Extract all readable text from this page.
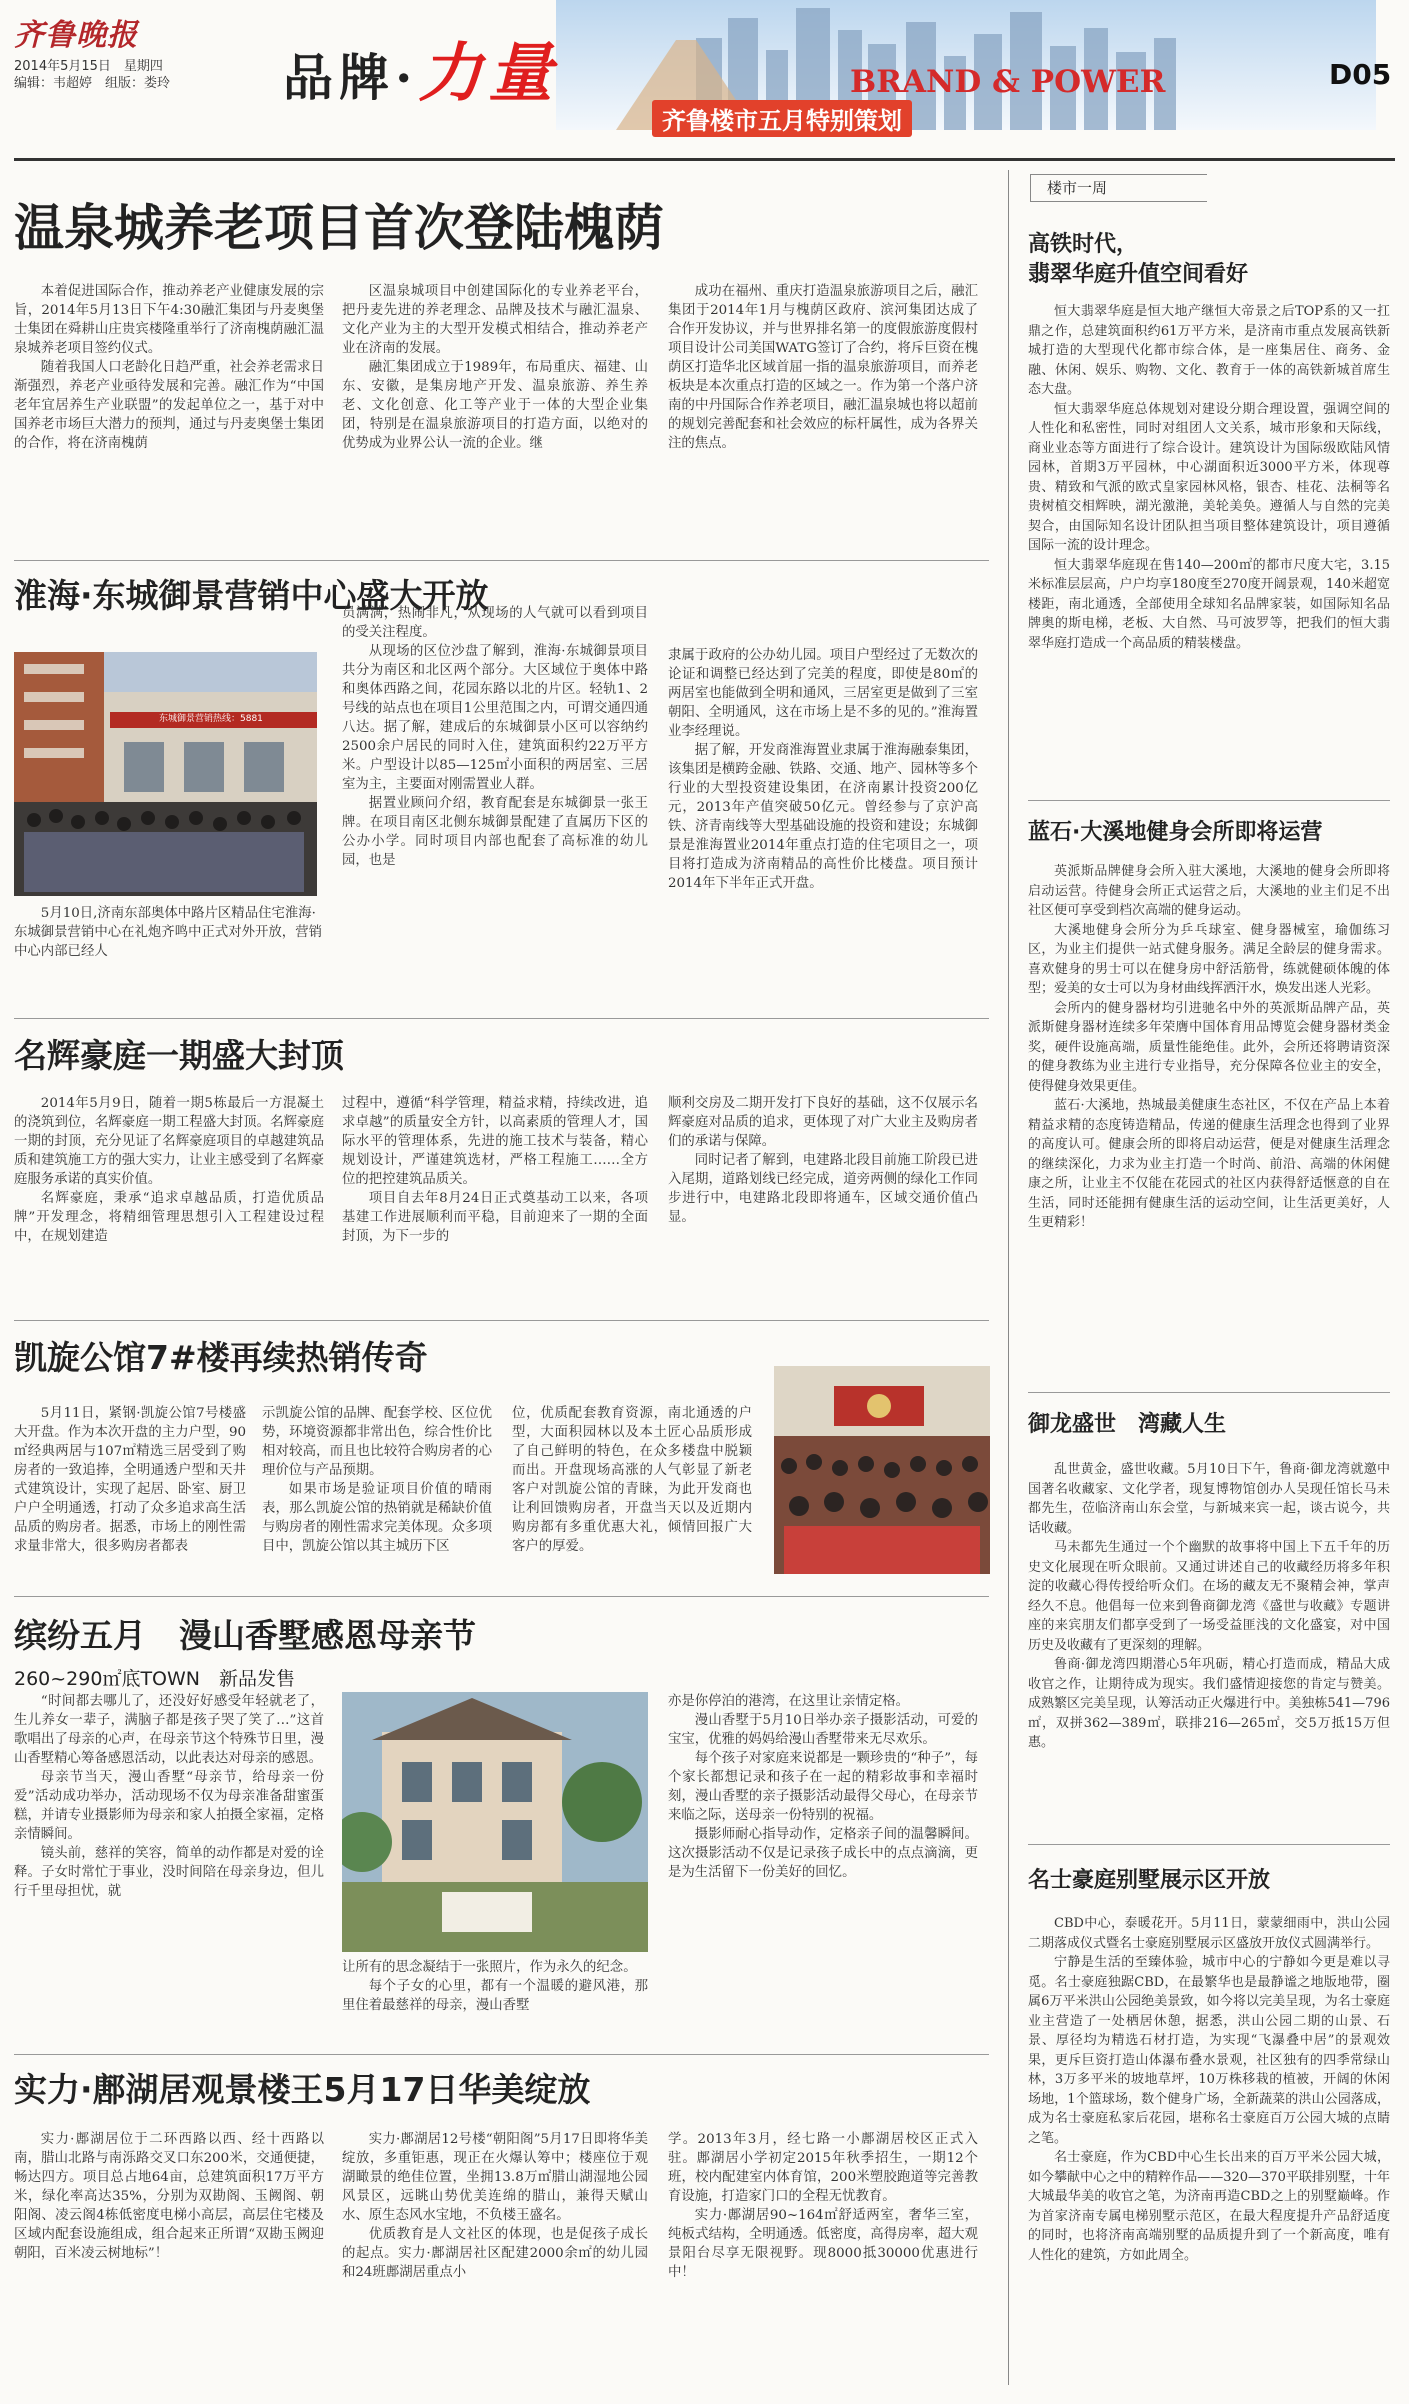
齐鲁晚报
2014年5月15日　星期四
编辑：韦超婷　组版：娄玲 品牌·力量	BRAND & POWER
齐鲁楼市五月特别策划
D05
温泉城养老项目首次登陆槐荫

本着促进国际合作，推动养老产业健康发展的宗旨，2014年5月13日下午4:30融汇集团与丹麦奥堡士集团在舜耕山庄贵宾楼隆重举行了济南槐荫融汇温泉城养老项目签约仪式。

随着我国人口老龄化日趋严重，社会养老需求日渐强烈，养老产业亟待发展和完善。融汇作为“中国老年宜居养生产业联盟”的发起单位之一，基于对中国养老市场巨大潜力的预判，通过与丹麦奥堡士集团的合作，将在济南槐荫

区温泉城项目中创建国际化的专业养老平台，把丹麦先进的养老理念、品牌及技术与融汇温泉、文化产业为主的大型开发模式相结合，推动养老产业在济南的发展。

融汇集团成立于1989年，布局重庆、福建、山东、安徽，是集房地产开发、温泉旅游、养生养老、文化创意、化工等产业于一体的大型企业集团，特别是在温泉旅游项目的打造方面，以绝对的优势成为业界公认一流的企业。继

成功在福州、重庆打造温泉旅游项目之后，融汇集团于2014年1月与槐荫区政府、滨河集团达成了合作开发协议，并与世界排名第一的度假旅游度假村项目设计公司美国WATG签订了合约，将斥巨资在槐荫区打造华北区域首屈一指的温泉旅游项目，而养老板块是本次重点打造的区域之一。作为第一个落户济南的中丹国际合作养老项目，融汇温泉城也将以超前的规划完善配套和社会效应的标杆属性，成为各界关注的焦点。

淮海·东城御景营销中心盛大开放
东城御景营销热线：5881
5月10日,济南东部奥体中路片区精品住宅淮海·东城御景营销中心在礼炮齐鸣中正式对外开放，营销中心内部已经人

员满满，热闹非凡，从现场的人气就可以看到项目的受关注程度。

从现场的区位沙盘了解到，淮海·东城御景项目共分为南区和北区两个部分。大区域位于奥体中路和奥体西路之间，花园东路以北的片区。轻轨1、2号线的站点也在项目1公里范围之内，可谓交通四通八达。据了解，建成后的东城御景小区可以容纳约2500余户居民的同时入住，建筑面积约22万平方米。户型设计以85—125㎡小面积的两居室、三居室为主，主要面对刚需置业人群。

据置业顾问介绍，教育配套是东城御景一张王牌。在项目南区北侧东城御景配建了直属历下区的公办小学。同时项目内部也配套了高标准的幼儿园，也是

隶属于政府的公办幼儿园。项目户型经过了无数次的论证和调整已经达到了完美的程度，即使是80㎡的两居室也能做到全明和通风，三居室更是做到了三室朝阳、全明通风，这在市场上是不多的见的。”淮海置业李经理说。

据了解，开发商淮海置业隶属于淮海融泰集团，该集团是横跨金融、铁路、交通、地产、园林等多个行业的大型投资建设集团，在济南累计投资200亿元，2013年产值突破50亿元。曾经参与了京沪高铁、济青南线等大型基础设施的投资和建设；东城御景是淮海置业2014年重点打造的住宅项目之一，项目将打造成为济南精品的高性价比楼盘。项目预计2014年下半年正式开盘。

名辉豪庭一期盛大封顶

2014年5月9日，随着一期5栋最后一方混凝土的浇筑到位，名辉豪庭一期工程盛大封顶。名辉豪庭一期的封顶，充分见证了名辉豪庭项目的卓越建筑品质和建筑施工方的强大实力，让业主感受到了名辉豪庭服务承诺的真实价值。

名辉豪庭，秉承“追求卓越品质，打造优质品牌”开发理念，将精细管理思想引入工程建设过程中，在规划建造

过程中，遵循“科学管理，精益求精，持续改进，追求卓越”的质量安全方针，以高素质的管理人才，国际水平的管理体系，先进的施工技术与装备，精心规划设计，严谨建筑选材，严格工程施工……全方位的把控建筑品质关。

项目自去年8月24日正式奠基动工以来，各项基建工作进展顺利而平稳，目前迎来了一期的全面封顶，为下一步的

顺利交房及二期开发打下良好的基础，这不仅展示名辉豪庭对品质的追求，更体现了对广大业主及购房者们的承诺与保障。

同时记者了解到，电建路北段目前施工阶段已进入尾期，道路划线已经完成，道旁两侧的绿化工作同步进行中，电建路北段即将通车，区域交通价值凸显。

凯旋公馆7#楼再续热销传奇

5月11日，紧钢·凯旋公馆7号楼盛大开盘。作为本次开盘的主力户型，90㎡经典两居与107㎡精选三居受到了购房者的一致追捧，全明通透户型和天井式建筑设计，实现了起居、卧室、厨卫户户全明通透，打动了众多追求高生活品质的购房者。据悉，市场上的刚性需求量非常大，很多购房者都表

示凯旋公馆的品牌、配套学校、区位优势，环境资源都非常出色，综合性价比相对较高，而且也比较符合购房者的心理价位与产品预期。

如果市场是验证项目价值的晴雨表，那么凯旋公馆的热销就是稀缺价值与购房者的刚性需求完美体现。众多项目中，凯旋公馆以其主城历下区

位，优质配套教育资源，南北通透的户型，大面积园林以及本土匠心品质形成了自己鲜明的特色，在众多楼盘中脱颖而出。开盘现场高涨的人气彰显了新老客户对凯旋公馆的青睐，为此开发商也让利回馈购房者，开盘当天以及近期内购房都有多重优惠大礼，倾情回报广大客户的厚爱。

缤纷五月　漫山香墅感恩母亲节
260~290㎡底TOWN　新品发售

“时间都去哪儿了，还没好好感受年轻就老了，生儿养女一辈子，满脑子都是孩子哭了笑了…”这首歌唱出了母亲的心声，在母亲节这个特殊节日里，漫山香墅精心筹备感恩活动，以此表达对母亲的感恩。

母亲节当天，漫山香墅“母亲节，给母亲一份爱”活动成功举办，活动现场不仅为母亲准备甜蜜蛋糕，并请专业摄影师为母亲和家人拍摄全家福，定格亲情瞬间。

镜头前，慈祥的笑容，简单的动作都是对爱的诠释。子女时常忙于事业，没时间陪在母亲身边，但儿行千里母担忧，就

让所有的思念凝结于一张照片，作为永久的纪念。

每个子女的心里，都有一个温暖的避风港，那里住着最慈祥的母亲，漫山香墅

亦是你停泊的港湾，在这里让亲情定格。

漫山香墅于5月10日举办亲子摄影活动，可爱的宝宝，优雅的妈妈给漫山香墅带来无尽欢乐。

每个孩子对家庭来说都是一颗珍贵的“种子”，每个家长都想记录和孩子在一起的精彩故事和幸福时刻，漫山香墅的亲子摄影活动最得父母心，在母亲节来临之际，送母亲一份特别的祝福。

摄影师耐心指导动作，定格亲子间的温馨瞬间。这次摄影活动不仅是记录孩子成长中的点点滴滴，更是为生活留下一份美好的回忆。

实力·鄌湖居观景楼王5月17日华美绽放

实力·鄌湖居位于二环西路以西、经十西路以南，腊山北路与南泺路交叉口东200米，交通便捷，畅达四方。项目总占地64亩，总建筑面积17万平方米，绿化率高达35%，分别为双勘阁、玉阙阁、朝阳阁、凌云阁4栋低密度电梯小高层，高层住宅楼及区域内配套设施组成，组合起来正所谓“双勘玉阙迎朝阳，百米凌云树地标”！

实力·鄌湖居12号楼“朝阳阁”5月17日即将华美绽放，多重钜惠，现正在火爆认筹中；楼座位于观湖瞰景的绝佳位置，坐拥13.8万㎡腊山湖湿地公园风景区，远眺山势优美连绵的腊山，兼得天赋山水、原生态风水宝地，不负楼王盛名。

优质教育是人文社区的体现，也是促孩子成长的起点。实力·鄌湖居社区配建2000余㎡的幼儿园和24班鄌湖居重点小

学。2013年3月，经七路一小鄌湖居校区正式入驻。鄌湖居小学初定2015年秋季招生，一期12个班，校内配建室内体育馆，200米塑胶跑道等完善教育设施，打造家门口的全程无忧教育。

实力·鄌湖居90~164㎡舒适两室，奢华三室，纯板式结构，全明通透。低密度，高得房率，超大观景阳台尽享无限视野。现8000抵30000优惠进行中！

楼市一周
高铁时代，
翡翠华庭升值空间看好

恒大翡翠华庭是恒大地产继恒大帝景之后TOP系的又一扛鼎之作，总建筑面积约61万平方米，是济南市重点发展高铁新城打造的大型现代化都市综合体，是一座集居住、商务、金融、休闲、娱乐、购物、文化、教育于一体的高铁新城首席生态大盘。

恒大翡翠华庭总体规划对建设分期合理设置，强调空间的人性化和私密性，同时对组团人文关系，城市形象和天际线，商业业态等方面进行了综合设计。建筑设计为国际级欧陆风情园林，首期3万平园林，中心湖面积近3000平方米，体现尊贵、精致和气派的欧式皇家园林风格，银杏、桂花、法桐等名贵树植交相辉映，湖光激滟，美轮美奂。遵循人与自然的完美契合，由国际知名设计团队担当项目整体建筑设计，项目遵循国际一流的设计理念。

恒大翡翠华庭现在售140—200㎡的都市尺度大宅，3.15米标准层层高，户户均享180度至270度开阔景观，140米超宽楼距，南北通透，全部使用全球知名品牌家装，如国际知名品牌奥的斯电梯，老板、大自然、马可波罗等，把我们的恒大翡翠华庭打造成一个高品质的精装楼盘。

蓝石·大溪地健身会所即将运营

英派斯品牌健身会所入驻大溪地，大溪地的健身会所即将启动运营。待健身会所正式运营之后，大溪地的业主们足不出社区便可享受到档次高端的健身运动。

大溪地健身会所分为乒乓球室、健身器械室，瑜伽练习区，为业主们提供一站式健身服务。满足全龄层的健身需求。喜欢健身的男士可以在健身房中舒活筋骨，练就健硕体魄的体型；爱美的女士可以为身材曲线挥洒汗水，焕发出迷人光彩。

会所内的健身器材均引进驰名中外的英派斯品牌产品，英派斯健身器材连续多年荣膺中国体育用品博览会健身器材类金奖，硬件设施高端，质量性能绝佳。此外，会所还将聘请资深的健身教练为业主进行专业指导，充分保障各位业主的安全，使得健身效果更佳。

蓝石·大溪地，热城最美健康生态社区，不仅在产品上本着精益求精的态度铸造精品，传递的健康生活理念也得到了业界的高度认可。健康会所的即将启动运营，便是对健康生活理念的继续深化，力求为业主打造一个时尚、前沿、高端的休闲健康之所，让业主不仅能在花园式的社区内获得舒适惬意的自在生活，同时还能拥有健康生活的运动空间，让生活更美好，人生更精彩！

御龙盛世　湾藏人生

乱世黄金，盛世收藏。5月10日下午，鲁商·御龙湾就邀中国著名收藏家、文化学者，现复博物馆创办人吴现任馆长马未都先生，莅临济南山东会堂，与新城来宾一起，谈古说今，共话收藏。

马未都先生通过一个个幽默的故事将中国上下五千年的历史文化展现在听众眼前。又通过讲述自己的收藏经历将多年积淀的收藏心得传授给听众们。在场的藏友无不聚精会神，掌声经久不息。他倡每一位来到鲁商御龙湾《盛世与收藏》专题讲座的来宾朋友们都享受到了一场受益匪浅的文化盛宴，对中国历史及收藏有了更深刻的理解。

鲁商·御龙湾四期潜心5年巩砺，精心打造而成，精品大成收官之作，让期待成为现实。我们盛情迎接您的肯定与赞美。成熟繁区完美呈现，认筹活动正火爆进行中。美独栋541—796㎡，双拼362—389㎡，联排216—265㎡，交5万抵15万但惠。

名士豪庭别墅展示区开放

CBD中心，泰暖花开。5月11日，蒙蒙细雨中，洪山公园二期落成仪式暨名士豪庭别墅展示区盛放开放仪式圆满举行。

宁静是生活的至臻体验，城市中心的宁静如今更是难以寻觅。名士豪庭独踞CBD，在最繁华也是最静谧之地版地带，圈属6万平米洪山公园绝美景致，如今将以完美呈现，为名士豪庭业主营造了一处栖居休憩，据悉，洪山公园二期的山景、石景、厚径均为精选石材打造，为实现“飞瀑叠中居”的景观效果，更斥巨资打造山体瀑布叠水景观，社区独有的四季常绿山林，3万多平米的坡地草坪，10万株移栽的植被，开阔的休闲场地，1个篮球场，数个健身广场，全新蔬菜的洪山公园落成，成为名士豪庭私家后花园，堪称名士豪庭百万公园大城的点睛之笔。

名士豪庭，作为CBD中心生长出来的百万平米公园大城，如今攀献中心之中的精粹作品——320—370平联排别墅，十年大城最华美的收官之笔，为济南再造CBD之上的别墅巅峰。作为首家济南专属电梯别墅示范区，在最大程度提升产品舒适度的同时，也将济南高端别墅的品质提升到了一个新高度，唯有人性化的建筑，方如此周全。
